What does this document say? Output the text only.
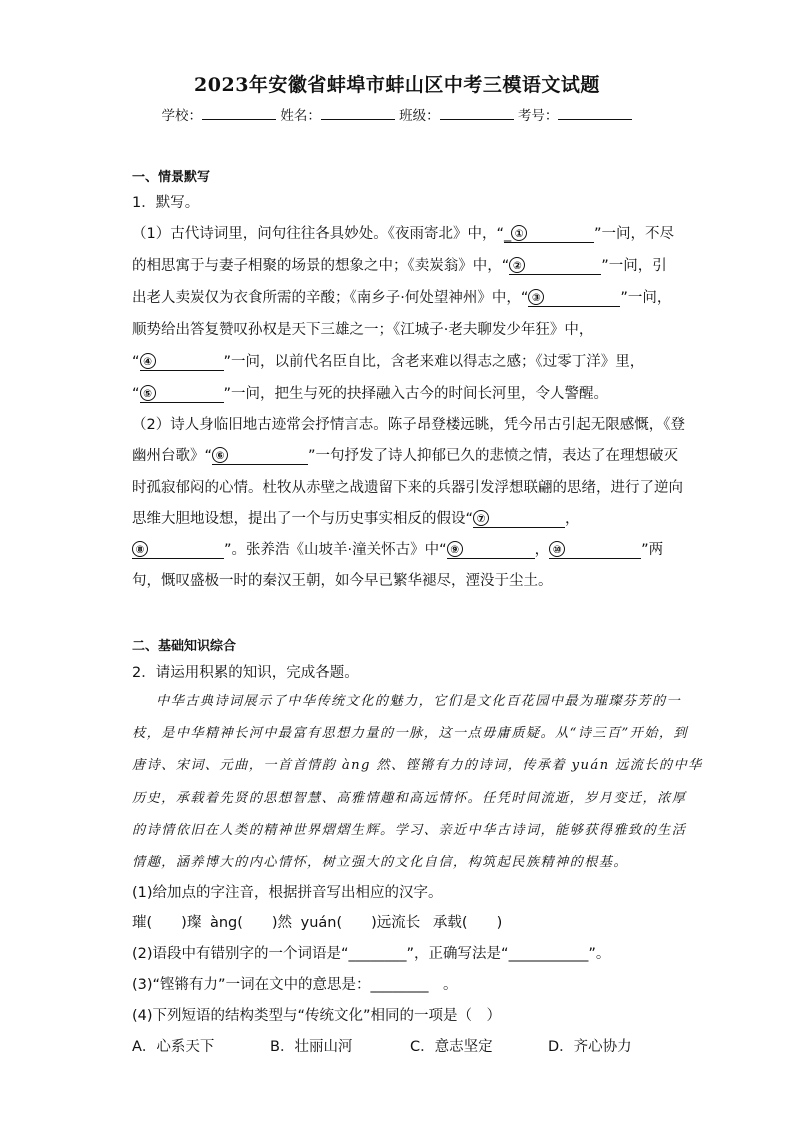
2023年安徽省蚌埠市蚌山区中考三模语文试题
学校：	姓名：	班级：	考号：
一、情景默写
1．默写。
（1）古代诗词里，问句往往各具妙处。《夜雨寄北》中，“_ ①	”一问，不尽
的相思寓于与妻子相聚的场景的想象之中；《卖炭翁》中，“ ②	”一问，引
出老人卖炭仅为衣食所需的辛酸；《南乡子·何处望神州》中，“ ③	”一问，
顺势给出答复赞叹孙权是天下三雄之一；《江城子·老夫聊发少年狂》中，
“ ④	”一问，以前代名臣自比，含老来难以得志之感；《过零丁洋》里，
“ ⑤	”一问，把生与死的抉择融入古今的时间长河里，令人警醒。
（2）诗人身临旧地古迹常会抒情言志。陈子昂登楼远眺，凭今吊古引起无限感慨，《登
幽州台歌》“ ⑥	”一句抒发了诗人抑郁已久的悲愤之情，表达了在理想破灭
时孤寂郁闷的心情。杜牧从赤壁之战遗留下来的兵器引发浮想联翩的思绪，进行了逆向
思维大胆地设想，提出了一个与历史事实相反的假设“ ⑦	，
⑧	”。张养浩《山坡羊·潼关怀古》中“ ⑨	， ⑩	”两
句，慨叹盛极一时的秦汉王朝，如今早已繁华褪尽，湮没于尘土。
二、基础知识综合
2．请运用积累的知识，完成各题。
中华古典诗词展示了中华传统文化的魅力，它们是文化百花园中最为璀璨芬芳的一
枝，是中华精神长河中最富有思想力量的一脉，这一点毋庸质疑。从“诗三百”开始，到
唐诗、宋词、元曲，一首首情韵 àng 然、铿锵有力的诗词，传承着 yuán 远流长的中华
历史，承载着先贤的思想智慧、高雅情趣和高远情怀。任凭时间流逝，岁月变迁，浓厚
的诗情依旧在人类的精神世界熠熠生辉。学习、亲近中华古诗词，能够获得雅致的生活
情趣，涵养博大的内心情怀，树立强大的文化自信，构筑起民族精神的根基。
(1)给加点的字注音，根据拼音写出相应的汉字。
璀(　　)璨 àng(　　)然 yuán(　　)远流长 承载(　　)
(2)语段中有错别字的一个词语是“________”，正确写法是“___________”。
(3)“铿锵有力”一词在文中的意思是：________　。
(4)下列短语的结构类型与“传统文化”相同的一项是（　）
A．心系天下	B．壮丽山河	C．意志坚定	D．齐心协力
